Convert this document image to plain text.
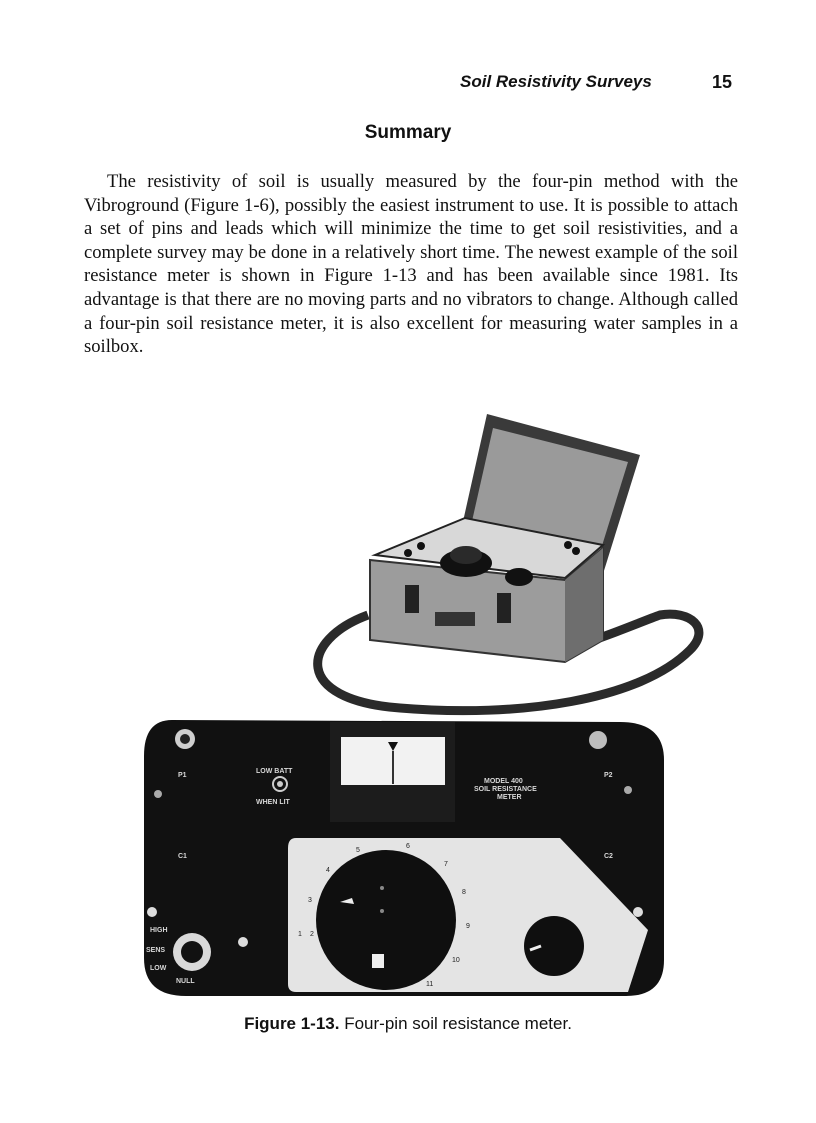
Soil Resistivity Surveys	15
Summary

The resistivity of soil is usually measured by the four-pin method with the Vibroground (Figure 1-6), possibly the easiest instrument to use. It is possible to attach a set of pins and leads which will minimize the time to get soil resistivities, and a complete survey may be done in a relatively short time. The newest example of the soil resistance meter is shown in Figure 1-13 and has been available since 1981. Its advantage is that there are no moving parts and no vibrators to change. Although called a four-pin soil resistance meter, it is also excellent for measuring water samples in a soilbox.

P1
C1
P2
C2
LOW BATT
WHEN LIT
MODEL 400
SOIL RESISTANCE
METER
HIGH
SENS
LOW
NULL
1 2
3
4
5
6
7
8
9
10
11
Figure 1-13. Four-pin soil resistance meter.
